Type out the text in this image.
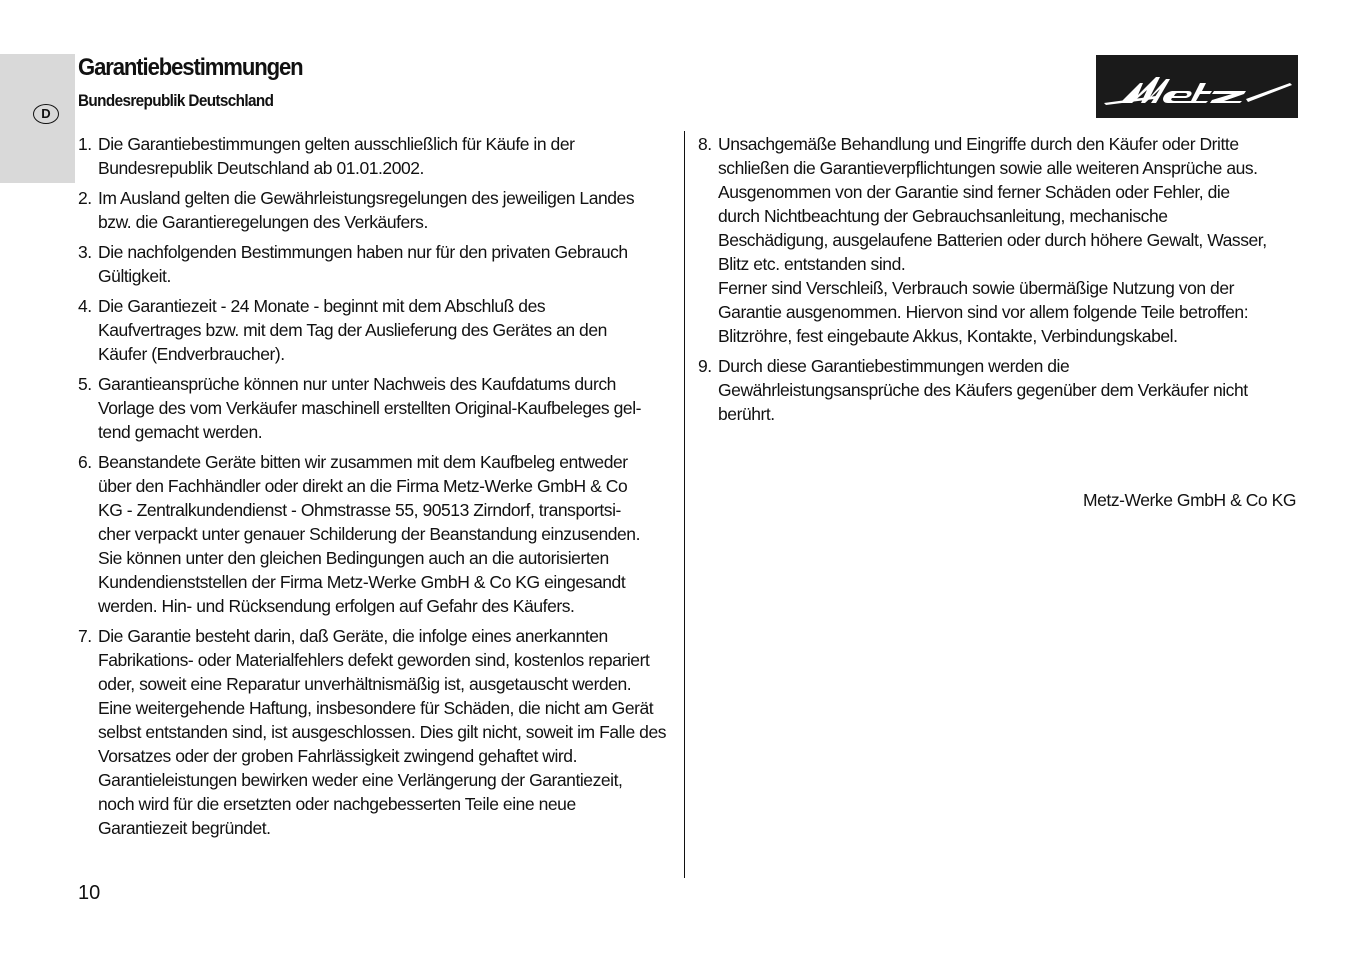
D
Garantiebestimmungen
Bundesrepublik Deutschland
1. Die Garantiebestimmungen gelten ausschließlich für Käufe in der
Bundesrepublik Deutschland ab 01.01.2002.
2. Im Ausland gelten die Gewährleistungsregelungen des jeweiligen Landes
bzw. die Garantieregelungen des Verkäufers.
3. Die nachfolgenden Bestimmungen haben nur für den privaten Gebrauch
Gültigkeit.
4. Die Garantiezeit - 24 Monate - beginnt mit dem Abschluß des
Kaufvertrages bzw. mit dem Tag der Auslieferung des Gerätes an den
Käufer (Endverbraucher).
5. Garantieansprüche können nur unter Nachweis des Kaufdatums durch
Vorlage des vom Verkäufer maschinell erstellten Original-Kaufbeleges gel-
tend gemacht werden.
6. Beanstandete Geräte bitten wir zusammen mit dem Kaufbeleg entweder
über den Fachhändler oder direkt an die Firma Metz-Werke GmbH & Co
KG - Zentralkundendienst - Ohmstrasse 55, 90513 Zirndorf, transportsi-
cher verpackt unter genauer Schilderung der Beanstandung einzusenden.
Sie können unter den gleichen Bedingungen auch an die autorisierten
Kundendienststellen der Firma Metz-Werke GmbH & Co KG eingesandt
werden. Hin- und Rücksendung erfolgen auf Gefahr des Käufers.
7. Die Garantie besteht darin, daß Geräte, die infolge eines anerkannten
Fabrikations- oder Materialfehlers defekt geworden sind, kostenlos repariert
oder, soweit eine Reparatur unverhältnismäßig ist, ausgetauscht werden.
Eine weitergehende Haftung, insbesondere für Schäden, die nicht am Gerät
selbst entstanden sind, ist ausgeschlossen. Dies gilt nicht, soweit im Falle des
Vorsatzes oder der groben Fahrlässigkeit zwingend gehaftet wird.
Garantieleistungen bewirken weder eine Verlängerung der Garantiezeit,
noch wird für die ersetzten oder nachgebesserten Teile eine neue
Garantiezeit begründet.
8. Unsachgemäße Behandlung und Eingriffe durch den Käufer oder Dritte
schließen die Garantieverpflichtungen sowie alle weiteren Ansprüche aus.
Ausgenommen von der Garantie sind ferner Schäden oder Fehler, die
durch Nichtbeachtung der Gebrauchsanleitung, mechanische
Beschädigung, ausgelaufene Batterien oder durch höhere Gewalt, Wasser,
Blitz etc. entstanden sind.
Ferner sind Verschleiß, Verbrauch sowie übermäßige Nutzung von der
Garantie ausgenommen. Hiervon sind vor allem folgende Teile betroffen:
Blitzröhre, fest eingebaute Akkus, Kontakte, Verbindungskabel.
9. Durch diese Garantiebestimmungen werden die
Gewährleistungsansprüche des Käufers gegenüber dem Verkäufer nicht
berührt.
Metz-Werke GmbH & Co KG
10
